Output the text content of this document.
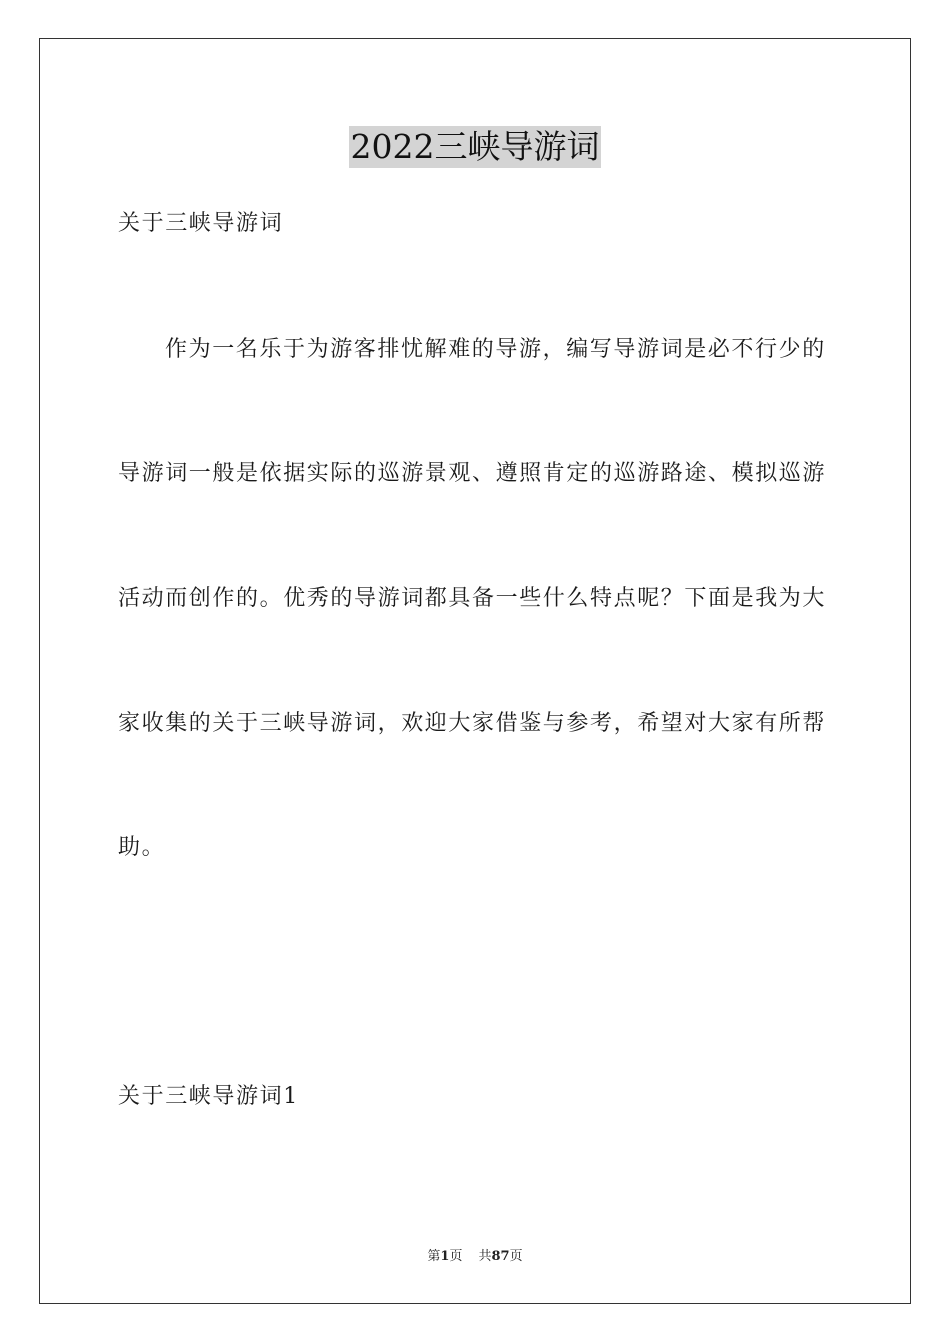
2022三峡导游词
关于三峡导游词
作为一名乐于为游客排忧解难的导游，编写导游词是必不行少的
导游词一般是依据实际的巡游景观、遵照肯定的巡游路途、模拟巡游
活动而创作的。优秀的导游词都具备一些什么特点呢？下面是我为大
家收集的关于三峡导游词，欢迎大家借鉴与参考，希望对大家有所帮
助。
关于三峡导游词1
第1页 共87页
